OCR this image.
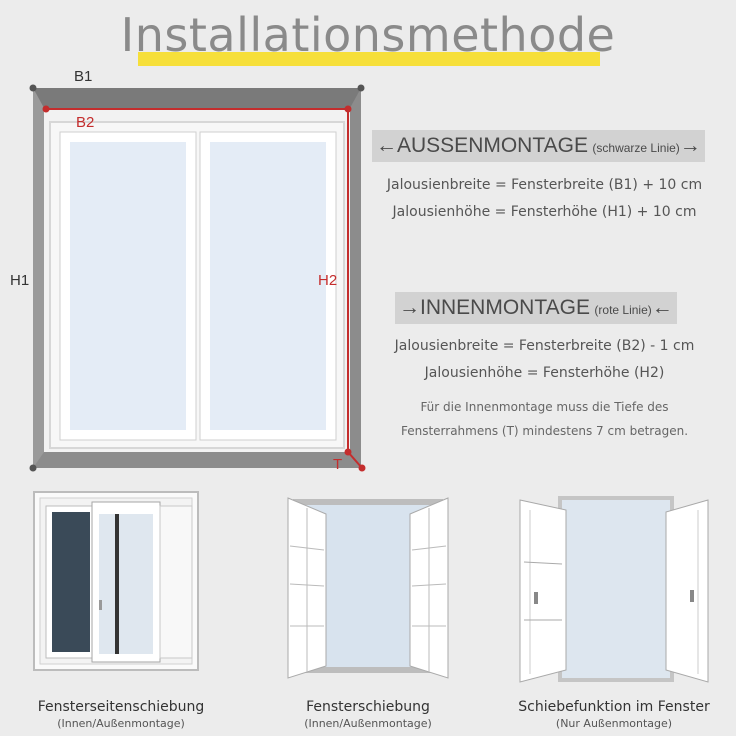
Installationsmethode
B1
B2
H1	H2
T
←AUSSENMONTAGE (schwarze Linie)→
Jalousienbreite = Fensterbreite (B1) + 10 cm
Jalousienhöhe = Fensterhöhe (H1) + 10 cm
→INNENMONTAGE (rote Linie)←
Jalousienbreite = Fensterbreite (B2) - 1 cm
Jalousienhöhe = Fensterhöhe (H2)
Für die Innenmontage muss die Tiefe des
Fensterrahmens (T) mindestens 7 cm betragen.
Fensterseitenschiebung
(Innen/Außenmontage)
Fensterschiebung
(Innen/Außenmontage)
Schiebefunktion im Fenster
(Nur Außenmontage)
